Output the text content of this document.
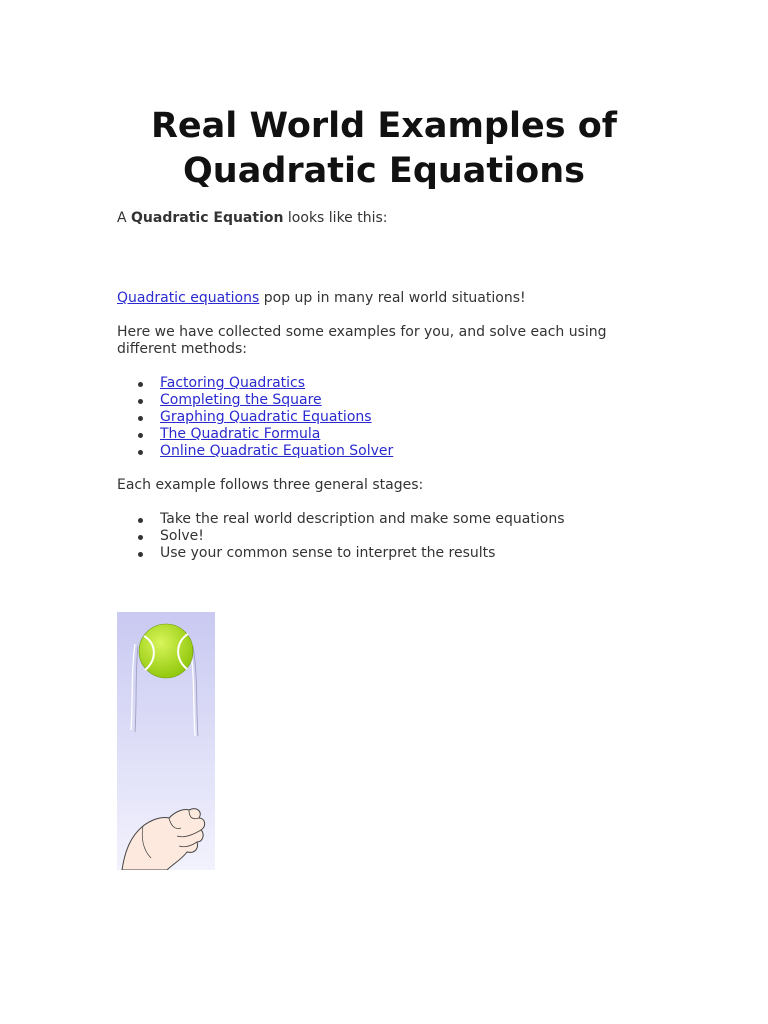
Real World Examples of
Quadratic Equations

A Quadratic Equation looks like this:

Quadratic equations pop up in many real world situations!

Here we have collected some examples for you, and solve each using different methods:

Factoring Quadratics
Completing the Square
Graphing Quadratic Equations
The Quadratic Formula
Online Quadratic Equation Solver

Each example follows three general stages:

Take the real world description and make some equations
Solve!
Use your common sense to interpret the results
